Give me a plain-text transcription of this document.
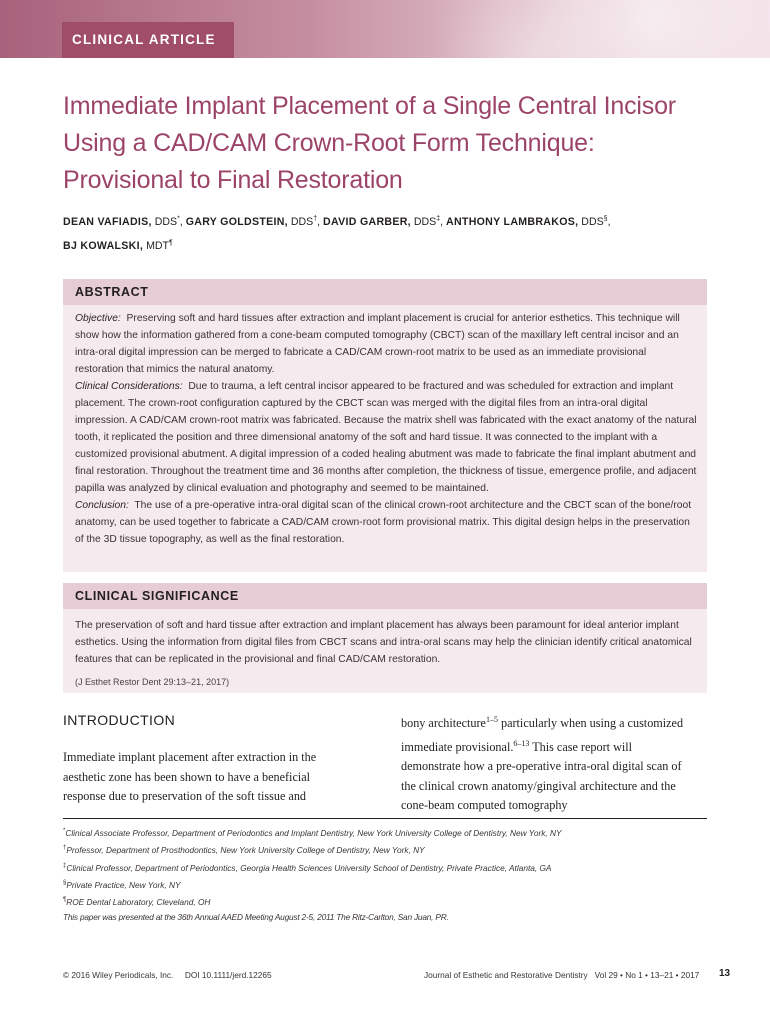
CLINICAL ARTICLE
Immediate Implant Placement of a Single Central Incisor
Using a CAD/CAM Crown-Root Form Technique:
Provisional to Final Restoration
DEAN VAFIADIS, DDS*, GARY GOLDSTEIN, DDS†, DAVID GARBER, DDS‡, ANTHONY LAMBRAKOS, DDS§,
BJ KOWALSKI, MDT¶
ABSTRACT

Objective: Preserving soft and hard tissues after extraction and implant placement is crucial for anterior esthetics. This technique will show how the information gathered from a cone-beam computed tomography (CBCT) scan of the maxillary left central incisor and an intra-oral digital impression can be merged to fabricate a CAD/CAM crown-root matrix to be used as an immediate provisional restoration that mimics the natural anatomy.

Clinical Considerations: Due to trauma, a left central incisor appeared to be fractured and was scheduled for extraction and implant placement. The crown-root configuration captured by the CBCT scan was merged with the digital files from an intra-oral digital impression. A CAD/CAM crown-root matrix was fabricated. Because the matrix shell was fabricated with the exact anatomy of the natural tooth, it replicated the position and three dimensional anatomy of the soft and hard tissue. It was connected to the implant with a customized provisional abutment. A digital impression of a coded healing abutment was made to fabricate the final implant abutment and final restoration. Throughout the treatment time and 36 months after completion, the thickness of tissue, emergence profile, and adjacent papilla was analyzed by clinical evaluation and photography and seemed to be maintained.

Conclusion: The use of a pre-operative intra-oral digital scan of the clinical crown-root architecture and the CBCT scan of the bone/root anatomy, can be used together to fabricate a CAD/CAM crown-root form provisional matrix. This digital design helps in the preservation of the 3D tissue topography, as well as the final restoration.

CLINICAL SIGNIFICANCE

The preservation of soft and hard tissue after extraction and implant placement has always been paramount for ideal anterior implant esthetics. Using the information from digital files from CBCT scans and intra-oral scans may help the clinician identify critical anatomical features that can be replicated in the provisional and final CAD/CAM restoration.

(J Esthet Restor Dent 29:13–21, 2017)

INTRODUCTION

Immediate implant placement after extraction in the aesthetic zone has been shown to have a beneficial response due to preservation of the soft tissue and

bony architecture$^{1-5}$ particularly when using a customized immediate provisional.$^{6-13}$ This case report will demonstrate how a pre-operative intra-oral digital scan of the clinical crown anatomy/gingival architecture and the cone-beam computed tomography

*Clinical Associate Professor, Department of Periodontics and Implant Dentistry, New York University College of Dentistry, New York, NY
†Professor, Department of Prosthodontics, New York University College of Dentistry, New York, NY
‡Clinical Professor, Department of Periodontics, Georgia Health Sciences University School of Dentistry, Private Practice, Atlanta, GA
§Private Practice, New York, NY
¶ROE Dental Laboratory, Cleveland, OH
This paper was presented at the 36th Annual AAED Meeting August 2-5, 2011 The Ritz-Carlton, San Juan, PR.
© 2016 Wiley Periodicals, Inc.     DOI 10.1111/jerd.12265	Journal of Esthetic and Restorative Dentistry   Vol 29 • No 1 • 13–21 • 2017 13
